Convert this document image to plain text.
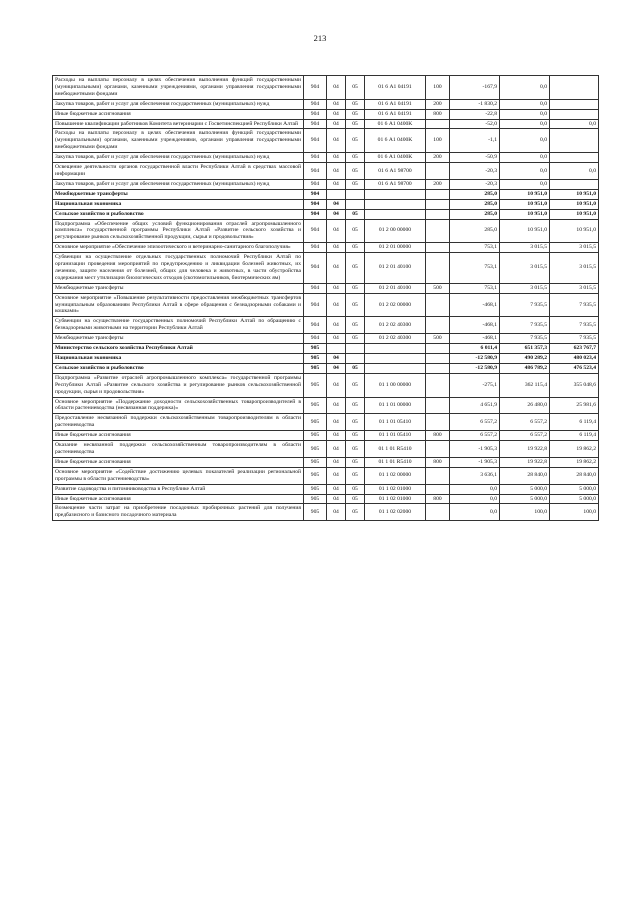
213
Расходы на выплаты персоналу в целях обеспечения выполнения функций государственными (муниципальными) органами, казенными учреждениями, органами управления государственными внебюджетными фондами	904	04	05	01 6 А1 04191	100	-167,9	0,0	
Закупка товаров, работ и услуг для обеспечения государственных (муниципальных) нужд	904	04	05	01 6 А1 04191	200	-1 830,2	0,0	
Иные бюджетные ассигнования	904	04	05	01 6 А1 04191	800	-22,8	0,0	
Повышение квалификации работников Комитета ветеринарии с Госветинспекцией Республики Алтай	904	04	05	01 6 А1 0400K		-52,0	0,0	0,0
Расходы на выплаты персоналу в целях обеспечения выполнения функций государственными (муниципальными) органами, казенными учреждениями, органами управления государственными внебюджетными фондами	904	04	05	01 6 А1 0400K	100	-1,1	0,0	
Закупка товаров, работ и услуг для обеспечения государственных (муниципальных) нужд	904	04	05	01 6 А1 0400K	200	-50,9	0,0	
Освещение деятельности органов государственной власти Республики Алтай в средствах массовой информации	904	04	05	01 6 А1 98700		-20,3	0,0	0,0
Закупка товаров, работ и услуг для обеспечения государственных (муниципальных) нужд	904	04	05	01 6 А1 98700	200	-20,3	0,0	
Межбюджетные трансферты	904					285,0	10 951,0	10 951,0
Национальная экономика	904	04				285,0	10 951,0	10 951,0
Сельское хозяйство и рыболовство	904	04	05			285,0	10 951,0	10 951,0
Подпрограмма «Обеспечение общих условий функционирования отраслей агропромышленного комплекса» государственной программы Республики Алтай «Развитие сельского хозяйства и регулирование рынков сельскохозяйственной продукции, сырья и продовольствия»	904	04	05	01 2 00 00000		285,0	10 951,0	10 951,0
Основное мероприятие «Обеспечение эпизоотического и ветеринарно-санитарного благополучия»	904	04	05	01 2 01 00000		753,1	3 015,5	3 015,5
Субвенции на осуществление отдельных государственных полномочий Республики Алтай по организации проведения мероприятий по предупреждению и ликвидации болезней животных, их лечению, защите населения от болезней, общих для человека и животных, в части обустройства содержания мест утилизации биологических отходов (скотомогильников, биотермических ям)	904	04	05	01 2 01 40100		753,1	3 015,5	3 015,5
Межбюджетные трансферты	904	04	05	01 2 01 40100	500	753,1	3 015,5	3 015,5
Основное мероприятие «Повышение результативности предоставления межбюджетных трансфертов муниципальным образованиям Республики Алтай в сфере обращения с безнадзорными собаками и кошками»	904	04	05	01 2 02 00000		-468,1	7 935,5	7 935,5
Субвенции на осуществление государственных полномочий Республики Алтай по обращению с безнадзорными животными на территории Республики Алтай	904	04	05	01 2 02 40300		-468,1	7 935,5	7 935,5
Межбюджетные трансферты	904	04	05	01 2 02 40300	500	-468,1	7 935,5	7 935,5
Министерство сельского хозяйства Республики Алтай	905					6 011,4	651 357,3	623 767,7
Национальная экономика	905	04				-12 580,9	490 289,2	480 023,4
Сельское хозяйство и рыболовство	905	04	05			-12 580,9	486 789,2	476 523,4
Подпрограмма «Развитие отраслей агропромышленного комплекса» государственной программы Республики Алтай «Развитие сельского хозяйства и регулирование рынков сельскохозяйственной продукции, сырья и продовольствия»	905	04	05	01 1 00 00000		-275,1	362 115,4	355 048,6
Основное мероприятие «Поддержание доходности сельскохозяйственных товаропроизводителей в области растениеводства (несвязанная поддержка)»	905	04	05	01 1 01 00000		4 651,9	26 480,0	25 981,6
Предоставление несвязанной поддержки сельскохозяйственным товаропроизводителям в области растениеводства	905	04	05	01 1 01 05410		6 557,2	6 557,2	6 119,4
Иные бюджетные ассигнования	905	04	05	01 1 01 05410	800	6 557,2	6 557,2	6 119,4
Оказание несвязанной поддержки сельскохозяйственным товаропроизводителям в области растениеводства	905	04	05	01 1 01 R5410		-1 905,3	19 922,8	19 862,2
Иные бюджетные ассигнования	905	04	05	01 1 01 R5410	800	-1 905,3	19 922,8	19 862,2
Основное мероприятие «Содействие достижению целевых показателей реализации региональной программы в области растениеводства»	905	04	05	01 1 02 00000		3 636,1	28 840,0	28 840,0
Развитие садоводства и питомниководства в Республике Алтай	905	04	05	01 1 02 01000		0,0	5 000,0	5 000,0
Иные бюджетные ассигнования	905	04	05	01 1 02 01000	800	0,0	5 000,0	5 000,0
Возмещение части затрат на приобретение посадочных пробирочных растений для получения предбазисного и базисного посадочного материала	905	04	05	01 1 02 02000		0,0	100,0	100,0
